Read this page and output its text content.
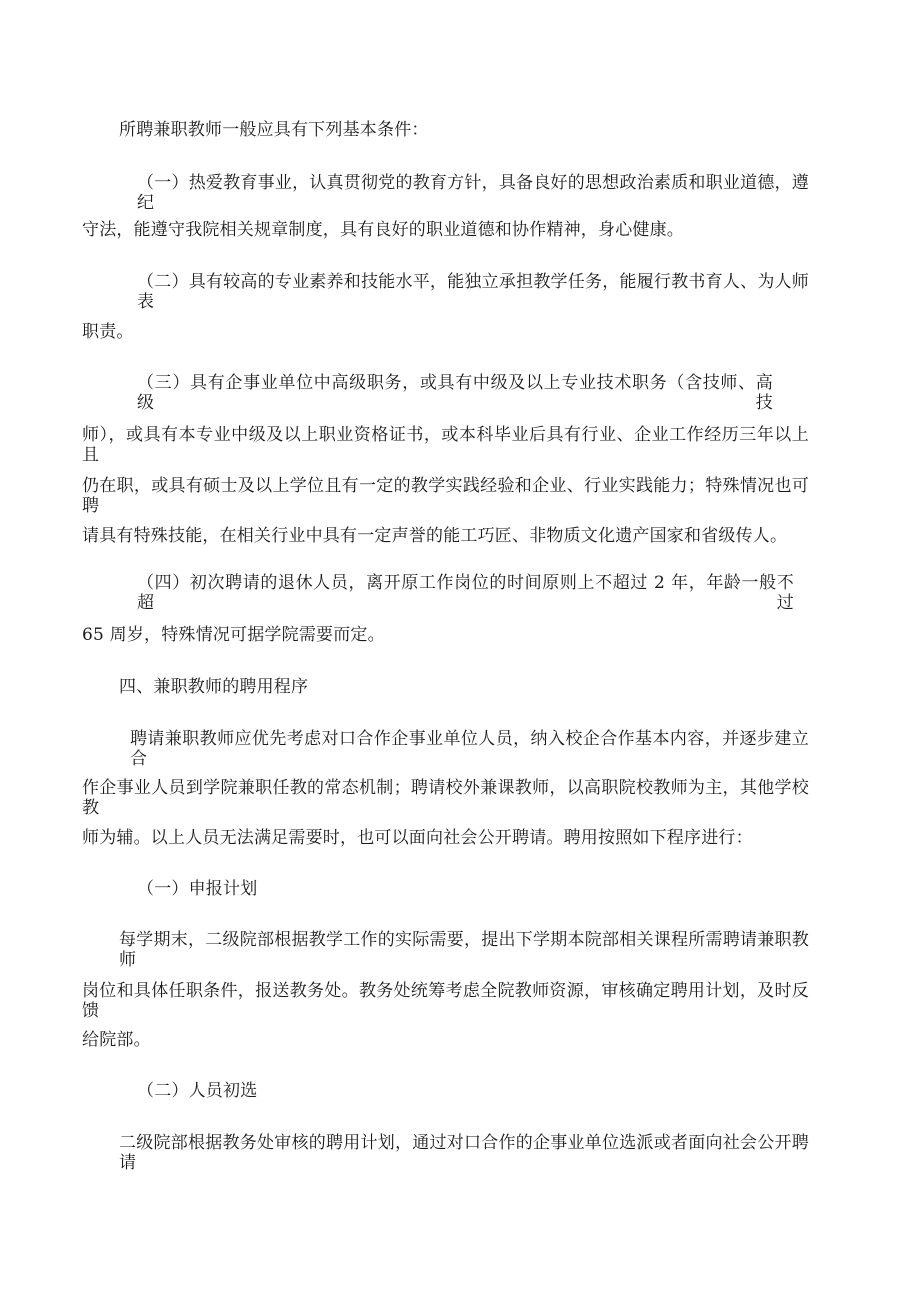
所聘兼职教师一般应具有下列基本条件：
（一）热爱教育事业，认真贯彻党的教育方针，具备良好的思想政治素质和职业道德，遵纪
守法，能遵守我院相关规章制度，具有良好的职业道德和协作精神，身心健康。
（二）具有较高的专业素养和技能水平，能独立承担教学任务，能履行教书育人、为人师表
职责。
（三）具有企事业单位中高级职务，或具有中级及以上专业技术职务（含技师、高级技
师），或具有本专业中级及以上职业资格证书，或本科毕业后具有行业、企业工作经历三年以上且
仍在职，或具有硕士及以上学位且有一定的教学实践经验和企业、行业实践能力；特殊情况也可聘
请具有特殊技能，在相关行业中具有一定声誉的能工巧匠、非物质文化遗产国家和省级传人。
（四）初次聘请的退休人员，离开原工作岗位的时间原则上不超过 2 年，年龄一般不超过
65 周岁，特殊情况可据学院需要而定。
四、兼职教师的聘用程序
聘请兼职教师应优先考虑对口合作企事业单位人员，纳入校企合作基本内容，并逐步建立合
作企事业人员到学院兼职任教的常态机制；聘请校外兼课教师，以高职院校教师为主，其他学校教
师为辅。以上人员无法满足需要时，也可以面向社会公开聘请。聘用按照如下程序进行：
（一）申报计划
每学期末，二级院部根据教学工作的实际需要，提出下学期本院部相关课程所需聘请兼职教师
岗位和具体任职条件，报送教务处。教务处统筹考虑全院教师资源，审核确定聘用计划，及时反馈
给院部。
（二）人员初选
二级院部根据教务处审核的聘用计划，通过对口合作的企事业单位选派或者面向社会公开聘请
